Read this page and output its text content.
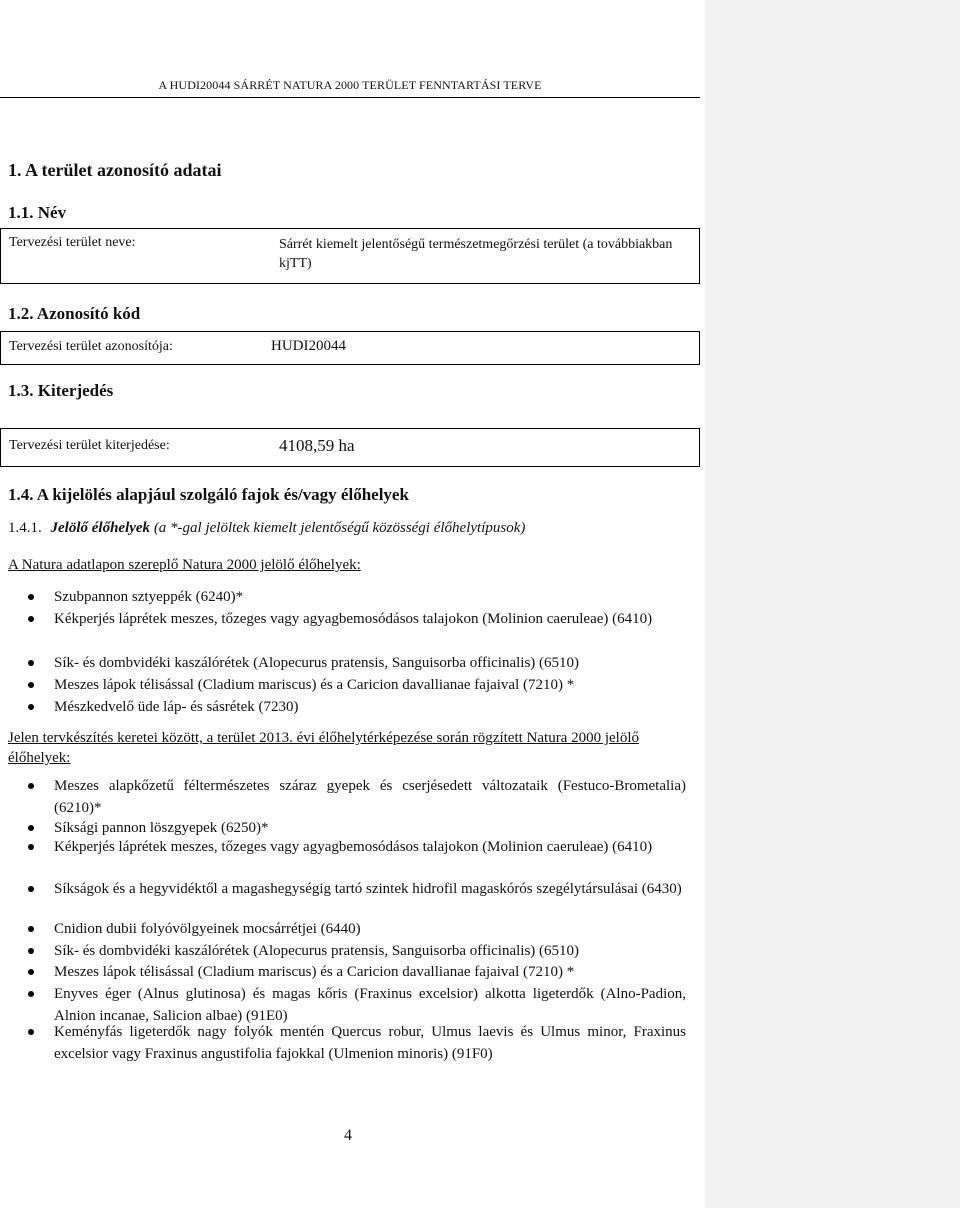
A HUDI20044 SÁRRÉT NATURA 2000 TERÜLET FENNTARTÁSI TERVE
1. A terület azonosító adatai
1.1. Név
Tervezési terület neve:	Sárrét kiemelt jelentőségű természetmegőrzési terület (a továbbiakban kjTT)
1.2. Azonosító kód
Tervezési terület azonosítója:	HUDI20044
1.3. Kiterjedés
Tervezési terület kiterjedése:	4108,59 ha
1.4. A kijelölés alapjául szolgáló fajok és/vagy élőhelyek
1.4.1. Jelölő élőhelyek (a *-gal jelöltek kiemelt jelentőségű közösségi élőhelytípusok)
A Natura adatlapon szereplő Natura 2000 jelölő élőhelyek:
Szubpannon sztyeppék (6240)*
Kékperjés láprétek meszes, tőzeges vagy agyagbemosódásos talajokon (Molinion caeruleae) (6410)
Sík- és dombvidéki kaszálórétek (Alopecurus pratensis, Sanguisorba officinalis) (6510)
Meszes lápok télisással (Cladium mariscus) és a Caricion davallianae fajaival (7210) *
Mészkedvelő üde láp- és sásrétek (7230)
Jelen tervkészítés keretei között, a terület 2013. évi élőhelytérképezése során rögzített Natura 2000 jelölő élőhelyek:
Meszes alapkőzetű féltermészetes száraz gyepek és cserjésedett változataik (Festuco-Brometalia) (6210)*
Síksági pannon löszgyepek (6250)*
Kékperjés láprétek meszes, tőzeges vagy agyagbemosódásos talajokon (Molinion caeruleae) (6410)
Síkságok és a hegyvidéktől a magashegységig tartó szintek hidrofil magaskórós szegélytársulásai (6430)
Cnidion dubii folyóvölgyeinek mocsárrétjei (6440)
Sík- és dombvidéki kaszálórétek (Alopecurus pratensis, Sanguisorba officinalis) (6510)
Meszes lápok télisással (Cladium mariscus) és a Caricion davallianae fajaival (7210) *
Enyves éger (Alnus glutinosa) és magas kőris (Fraxinus excelsior) alkotta ligeterdők (Alno-Padion, Alnion incanae, Salicion albae) (91E0)
Keményfás ligeterdők nagy folyók mentén Quercus robur, Ulmus laevis és Ulmus minor, Fraxinus excelsior vagy Fraxinus angustifolia fajokkal (Ulmenion minoris) (91F0)
4
